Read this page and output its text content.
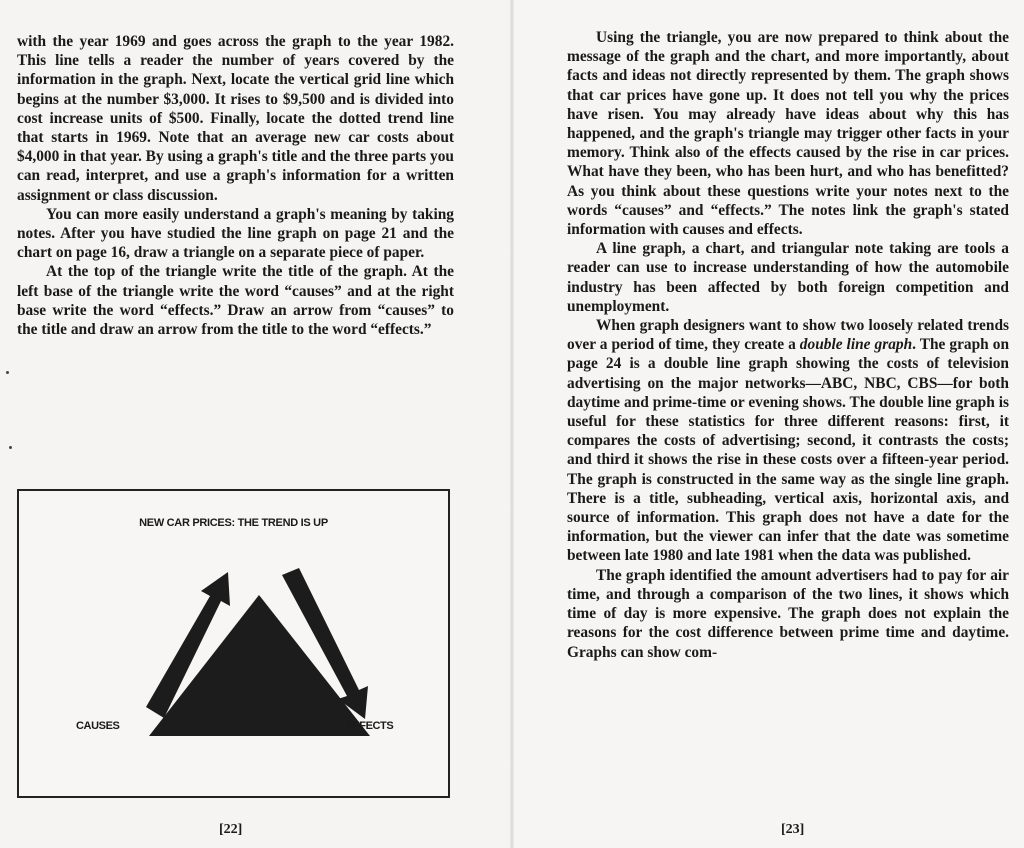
with the year 1969 and goes across the graph to the year 1982. This line tells a reader the number of years covered by the information in the graph. Next, locate the vertical grid line which begins at the number $3,000. It rises to $9,500 and is divided into cost increase units of $500. Finally, locate the dotted trend line that starts in 1969. Note that an average new car costs about $4,000 in that year. By using a graph's title and the three parts you can read, interpret, and use a graph's information for a written assignment or class discussion.

You can more easily understand a graph's meaning by taking notes. After you have studied the line graph on page 21 and the chart on page 16, draw a triangle on a separate piece of paper.

At the top of the triangle write the title of the graph. At the left base of the triangle write the word “causes” and at the right base write the word “effects.” Draw an arrow from “causes” to the title and draw an arrow from the title to the word “effects.”

NEW CAR PRICES: THE TREND IS UP
CAUSES	EFFECTS
[22]

Using the triangle, you are now prepared to think about the message of the graph and the chart, and more importantly, about facts and ideas not directly represented by them. The graph shows that car prices have gone up. It does not tell you why the prices have risen. You may already have ideas about why this has happened, and the graph's triangle may trigger other facts in your memory. Think also of the effects caused by the rise in car prices. What have they been, who has been hurt, and who has benefitted? As you think about these questions write your notes next to the words “causes” and “effects.” The notes link the graph's stated information with causes and effects.

A line graph, a chart, and triangular note taking are tools a reader can use to increase understanding of how the automobile industry has been affected by both foreign competition and unemployment.

When graph designers want to show two loosely related trends over a period of time, they create a double line graph. The graph on page 24 is a double line graph showing the costs of television advertising on the major networks—ABC, NBC, CBS—for both daytime and prime-time or evening shows. The double line graph is useful for these statistics for three different reasons: first, it compares the costs of advertising; second, it contrasts the costs; and third it shows the rise in these costs over a fifteen-year period. The graph is constructed in the same way as the single line graph. There is a title, subheading, vertical axis, horizontal axis, and source of information. This graph does not have a date for the information, but the viewer can infer that the date was sometime between late 1980 and late 1981 when the data was published.

The graph identified the amount advertisers had to pay for air time, and through a comparison of the two lines, it shows which time of day is more expensive. The graph does not explain the reasons for the cost difference between prime time and daytime. Graphs can show com-

[23]
